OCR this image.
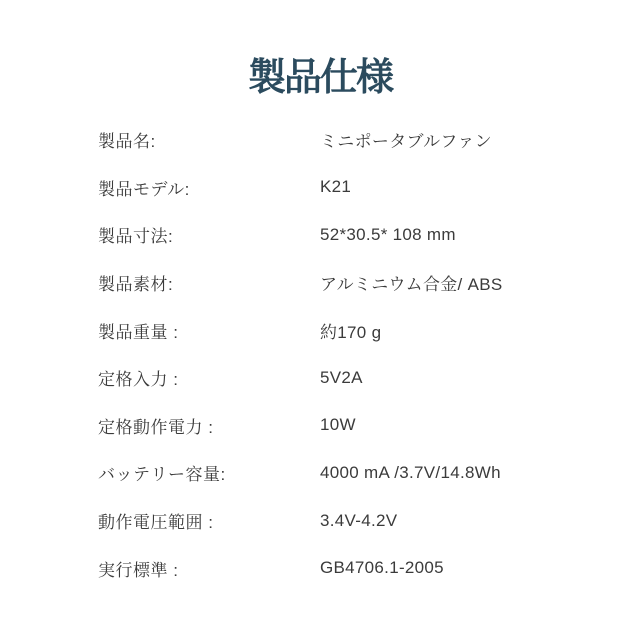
製品仕様
製品名:	ミニポータブルファン
製品モデル:	K21
製品寸法:	52*30.5* 108 mm
製品素材:	アルミニウム合金/ ABS
製品重量 :	約170 g
定格入力 :	5V2A
定格動作電力 :	10W
バッテリー容量:	4000 mA /3.7V/14.8Wh
動作電圧範囲 :	3.4V-4.2V
実行標準 :	GB4706.1-2005
